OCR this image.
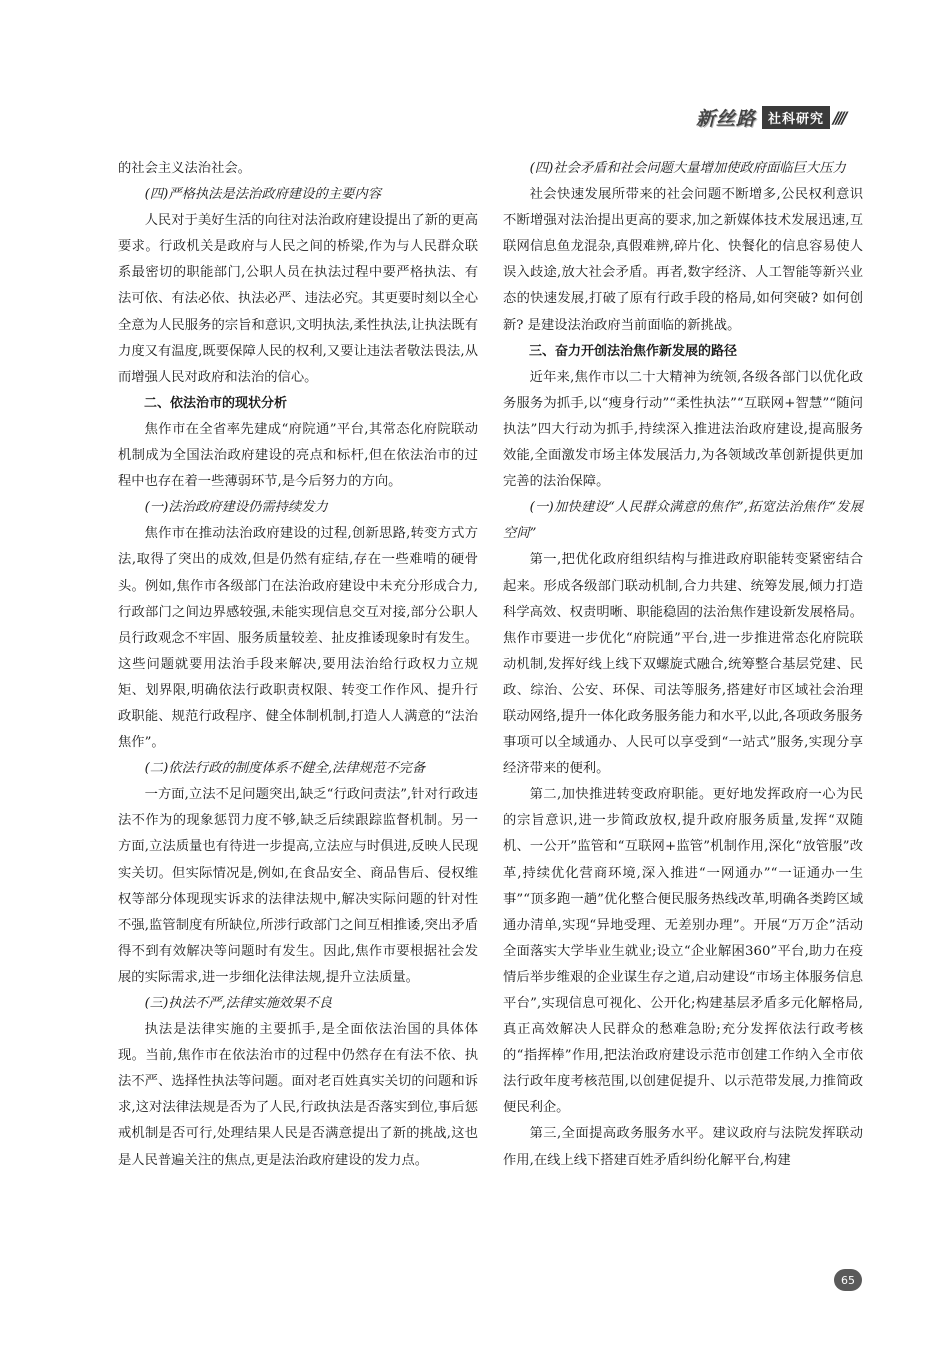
新丝路 社科研究 ////

的社会主义法治社会。

(四)严格执法是法治政府建设的主要内容

人民对于美好生活的向往对法治政府建设提出了新的更高要求。行政机关是政府与人民之间的桥梁,作为与人民群众联系最密切的职能部门,公职人员在执法过程中要严格执法、有法可依、有法必依、执法必严、违法必究。其更要时刻以全心全意为人民服务的宗旨和意识,文明执法,柔性执法,让执法既有力度又有温度,既要保障人民的权利,又要让违法者敬法畏法,从而增强人民对政府和法治的信心。

二、依法治市的现状分析

焦作市在全省率先建成“府院通”平台,其常态化府院联动机制成为全国法治政府建设的亮点和标杆,但在依法治市的过程中也存在着一些薄弱环节,是今后努力的方向。

(一)法治政府建设仍需持续发力

焦作市在推动法治政府建设的过程,创新思路,转变方式方法,取得了突出的成效,但是仍然有症结,存在一些难啃的硬骨头。例如,焦作市各级部门在法治政府建设中未充分形成合力,行政部门之间边界感较强,未能实现信息交互对接,部分公职人员行政观念不牢固、服务质量较差、扯皮推诿现象时有发生。这些问题就要用法治手段来解决,要用法治给行政权力立规矩、划界限,明确依法行政职责权限、转变工作作风、提升行政职能、规范行政程序、健全体制机制,打造人人满意的“法治焦作”。

(二)依法行政的制度体系不健全,法律规范不完备

一方面,立法不足问题突出,缺乏“行政问责法”,针对行政违法不作为的现象惩罚力度不够,缺乏后续跟踪监督机制。另一方面,立法质量也有待进一步提高,立法应与时俱进,反映人民现实关切。但实际情况是,例如,在食品安全、商品售后、侵权维权等部分体现现实诉求的法律法规中,解决实际问题的针对性不强,监管制度有所缺位,所涉行政部门之间互相推诿,突出矛盾得不到有效解决等问题时有发生。因此,焦作市要根据社会发展的实际需求,进一步细化法律法规,提升立法质量。

(三)执法不严,法律实施效果不良

执法是法律实施的主要抓手,是全面依法治国的具体体现。当前,焦作市在依法治市的过程中仍然存在有法不依、执法不严、选择性执法等问题。面对老百姓真实关切的问题和诉求,这对法律法规是否为了人民,行政执法是否落实到位,事后惩戒机制是否可行,处理结果人民是否满意提出了新的挑战,这也是人民普遍关注的焦点,更是法治政府建设的发力点。

(四)社会矛盾和社会问题大量增加使政府面临巨大压力

社会快速发展所带来的社会问题不断增多,公民权利意识不断增强对法治提出更高的要求,加之新媒体技术发展迅速,互联网信息鱼龙混杂,真假难辨,碎片化、快餐化的信息容易使人误入歧途,放大社会矛盾。再者,数字经济、人工智能等新兴业态的快速发展,打破了原有行政手段的格局,如何突破? 如何创新? 是建设法治政府当前面临的新挑战。

三、奋力开创法治焦作新发展的路径

近年来,焦作市以二十大精神为统领,各级各部门以优化政务服务为抓手,以“瘦身行动”“柔性执法”“互联网+智慧”“随问执法”四大行动为抓手,持续深入推进法治政府建设,提高服务效能,全面激发市场主体发展活力,为各领域改革创新提供更加完善的法治保障。

(一)加快建设“人民群众满意的焦作”,拓宽法治焦作“发展空间”

第一,把优化政府组织结构与推进政府职能转变紧密结合起来。形成各级部门联动机制,合力共建、统筹发展,倾力打造科学高效、权责明晰、职能稳固的法治焦作建设新发展格局。焦作市要进一步优化“府院通”平台,进一步推进常态化府院联动机制,发挥好线上线下双螺旋式融合,统筹整合基层党建、民政、综治、公安、环保、司法等服务,搭建好市区域社会治理联动网络,提升一体化政务服务能力和水平,以此,各项政务服务事项可以全域通办、人民可以享受到“一站式”服务,实现分享经济带来的便利。

第二,加快推进转变政府职能。更好地发挥政府一心为民的宗旨意识,进一步简政放权,提升政府服务质量,发挥“双随机、一公开”监管和“互联网+监管”机制作用,深化“放管服”改革,持续优化营商环境,深入推进“一网通办”“一证通办一生事”“顶多跑一趟”优化整合便民服务热线改革,明确各类跨区域通办清单,实现“异地受理、无差别办理”。开展“万万企”活动全面落实大学毕业生就业;设立“企业解困360”平台,助力在疫情后举步维艰的企业谋生存之道,启动建设“市场主体服务信息平台”,实现信息可视化、公开化;构建基层矛盾多元化解格局,真正高效解决人民群众的愁难急盼;充分发挥依法行政考核的“指挥棒”作用,把法治政府建设示范市创建工作纳入全市依法行政年度考核范围,以创建促提升、以示范带发展,力推简政便民利企。

第三,全面提高政务服务水平。建议政府与法院发挥联动作用,在线上线下搭建百姓矛盾纠纷化解平台,构建

65
